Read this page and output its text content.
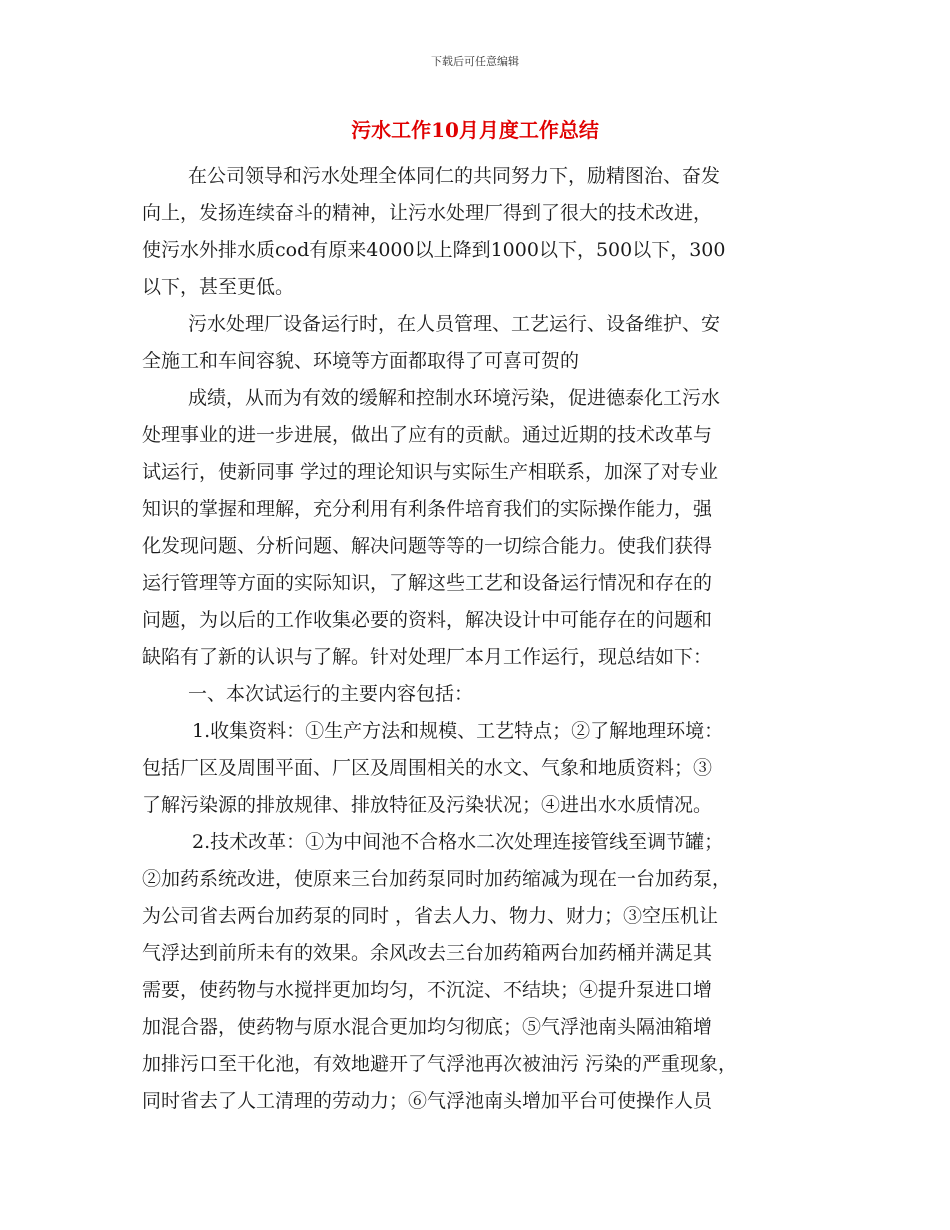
下载后可任意编辑
污水工作10月月度工作总结
在公司领导和污水处理全体同仁的共同努力下，励精图治、奋发
向上，发扬连续奋斗的精神，让污水处理厂得到了很大的技术改进，
使污水外排水质cod有原来4000以上降到1000以下，500以下，300
以下，甚至更低。
污水处理厂设备运行时，在人员管理、工艺运行、设备维护、安
全施工和车间容貌、环境等方面都取得了可喜可贺的
成绩，从而为有效的缓解和控制水环境污染，促进德泰化工污水
处理事业的进一步进展，做出了应有的贡献。通过近期的技术改革与
试运行，使新同事 学过的理论知识与实际生产相联系，加深了对专业
知识的掌握和理解，充分利用有利条件培育我们的实际操作能力，强
化发现问题、分析问题、解决问题等等的一切综合能力。使我们获得
运行管理等方面的实际知识，了解这些工艺和设备运行情况和存在的
问题，为以后的工作收集必要的资料，解决设计中可能存在的问题和
缺陷有了新的认识与了解。针对处理厂本月工作运行，现总结如下：
一、本次试运行的主要内容包括：
1.收集资料：①生产方法和规模、工艺特点；②了解地理环境：
包括厂区及周围平面、厂区及周围相关的水文、气象和地质资料；③
了解污染源的排放规律、排放特征及污染状况；④进出水水质情况。
2.技术改革：①为中间池不合格水二次处理连接管线至调节罐；
②加药系统改进，使原来三台加药泵同时加药缩减为现在一台加药泵，
为公司省去两台加药泵的同时 ，省去人力、物力、财力；③空压机让
气浮达到前所未有的效果。余风改去三台加药箱两台加药桶并满足其
需要，使药物与水搅拌更加均匀，不沉淀、不结块；④提升泵进口增
加混合器，使药物与原水混合更加均匀彻底；⑤气浮池南头隔油箱增
加排污口至干化池，有效地避开了气浮池再次被油污 污染的严重现象，
同时省去了人工清理的劳动力；⑥气浮池南头增加平台可使操作人员
